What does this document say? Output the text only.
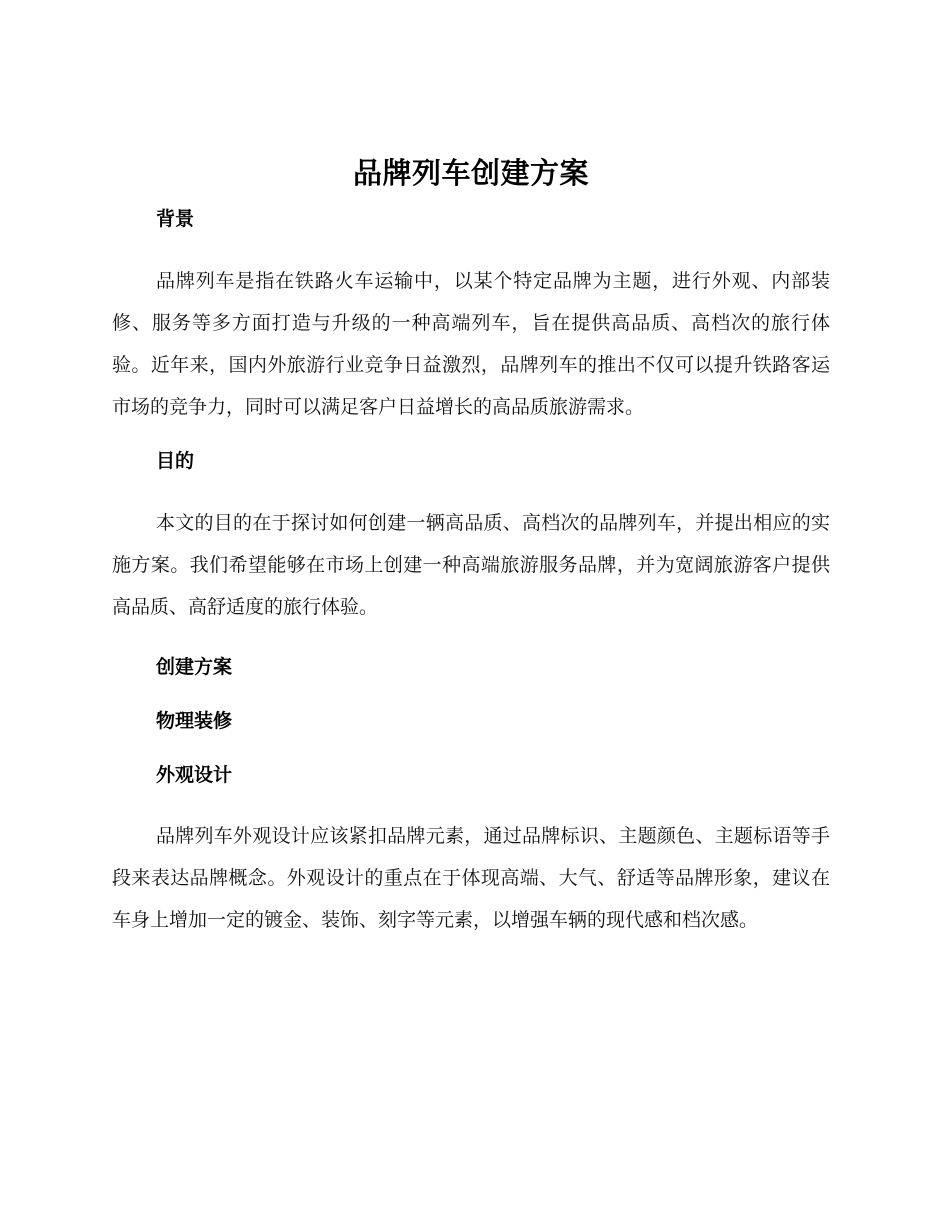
品牌列车创建方案
背景

品牌列车是指在铁路火车运输中，以某个特定品牌为主题，进行外观、内部装修、服务等多方面打造与升级的一种高端列车，旨在提供高品质、高档次的旅行体验。近年来，国内外旅游行业竞争日益激烈，品牌列车的推出不仅可以提升铁路客运市场的竞争力，同时可以满足客户日益增长的高品质旅游需求。

目的

本文的目的在于探讨如何创建一辆高品质、高档次的品牌列车，并提出相应的实施方案。我们希望能够在市场上创建一种高端旅游服务品牌，并为宽阔旅游客户提供高品质、高舒适度的旅行体验。

创建方案
物理装修
外观设计

品牌列车外观设计应该紧扣品牌元素，通过品牌标识、主题颜色、主题标语等手段来表达品牌概念。外观设计的重点在于体现高端、大气、舒适等品牌形象，建议在车身上增加一定的镀金、装饰、刻字等元素，以增强车辆的现代感和档次感。
